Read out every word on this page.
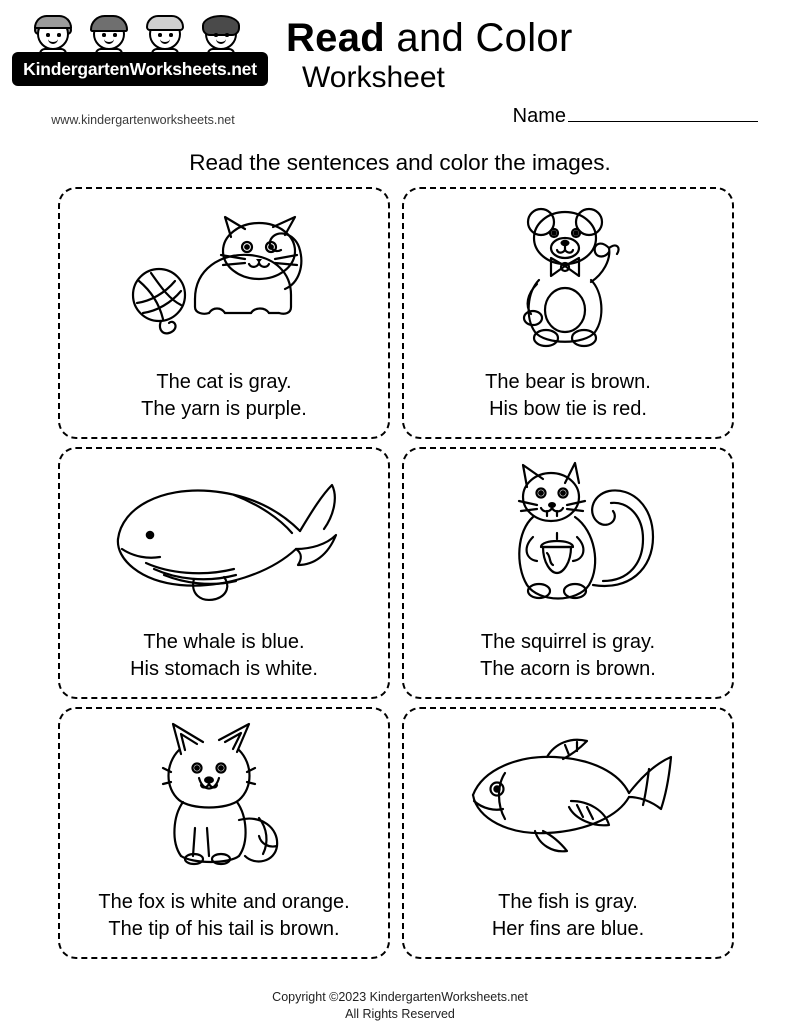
KindergartenWorksheets.net
www.kindergartenworksheets.net
Read and Color
Worksheet
Name
Read the sentences and color the images.
The cat is gray.
The yarn is purple.
The bear is brown.
His bow tie is red.
The whale is blue.
His stomach is white.
The squirrel is gray.
The acorn is brown.
The fox is white and orange.
The tip of his tail is brown.
The fish is gray.
Her fins are blue.
Copyright ©2023 KindergartenWorksheets.net
All Rights Reserved
